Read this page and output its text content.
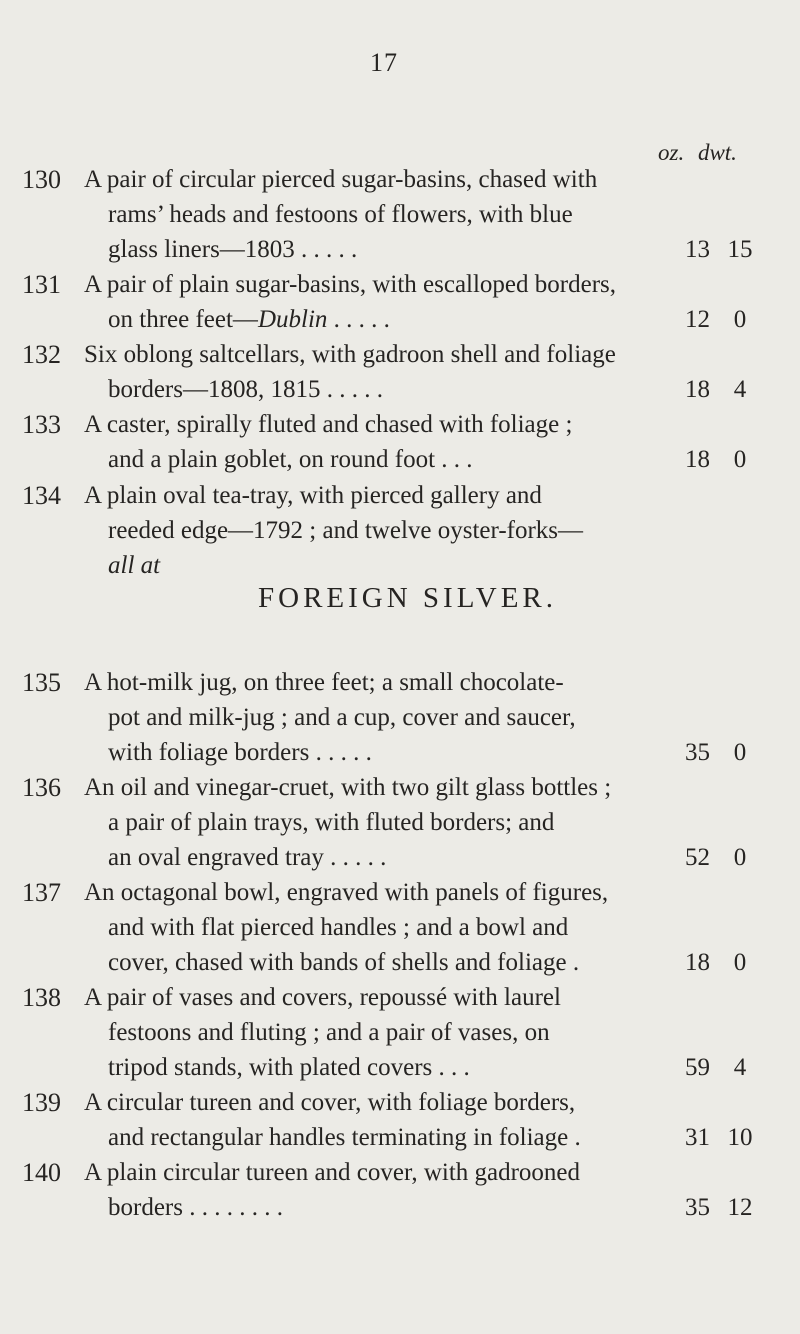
17
oz. dwt.
130 A pair of circular pierced sugar-basins, chased with
rams’ heads and festoons of flowers, with blue
glass liners—1803 . . . . .	13 15
131 A pair of plain sugar-basins, with escalloped borders,
on three feet—Dublin . . . . .	12 0
132 Six oblong saltcellars, with gadroon shell and foliage
borders—1808, 1815 . . . . .	18 4
133 A caster, spirally fluted and chased with foliage ;
and a plain goblet, on round foot . . .	18 0
134 A plain oval tea-tray, with pierced gallery and
reeded edge—1792 ; and twelve oyster-forks—
all at
FOREIGN SILVER.
135 A hot-milk jug, on three feet; a small chocolate-
pot and milk-jug ; and a cup, cover and saucer,
with foliage borders . . . . .	35 0
136 An oil and vinegar-cruet, with two gilt glass bottles ;
a pair of plain trays, with fluted borders; and
an oval engraved tray . . . . .	52 0
137 An octagonal bowl, engraved with panels of figures,
and with flat pierced handles ; and a bowl and
cover, chased with bands of shells and foliage .	18 0
138 A pair of vases and covers, repoussé with laurel
festoons and fluting ; and a pair of vases, on
tripod stands, with plated covers . . .	59 4
139 A circular tureen and cover, with foliage borders,
and rectangular handles terminating in foliage .	31 10
140 A plain circular tureen and cover, with gadrooned
borders . . . . . . . .	35 12
